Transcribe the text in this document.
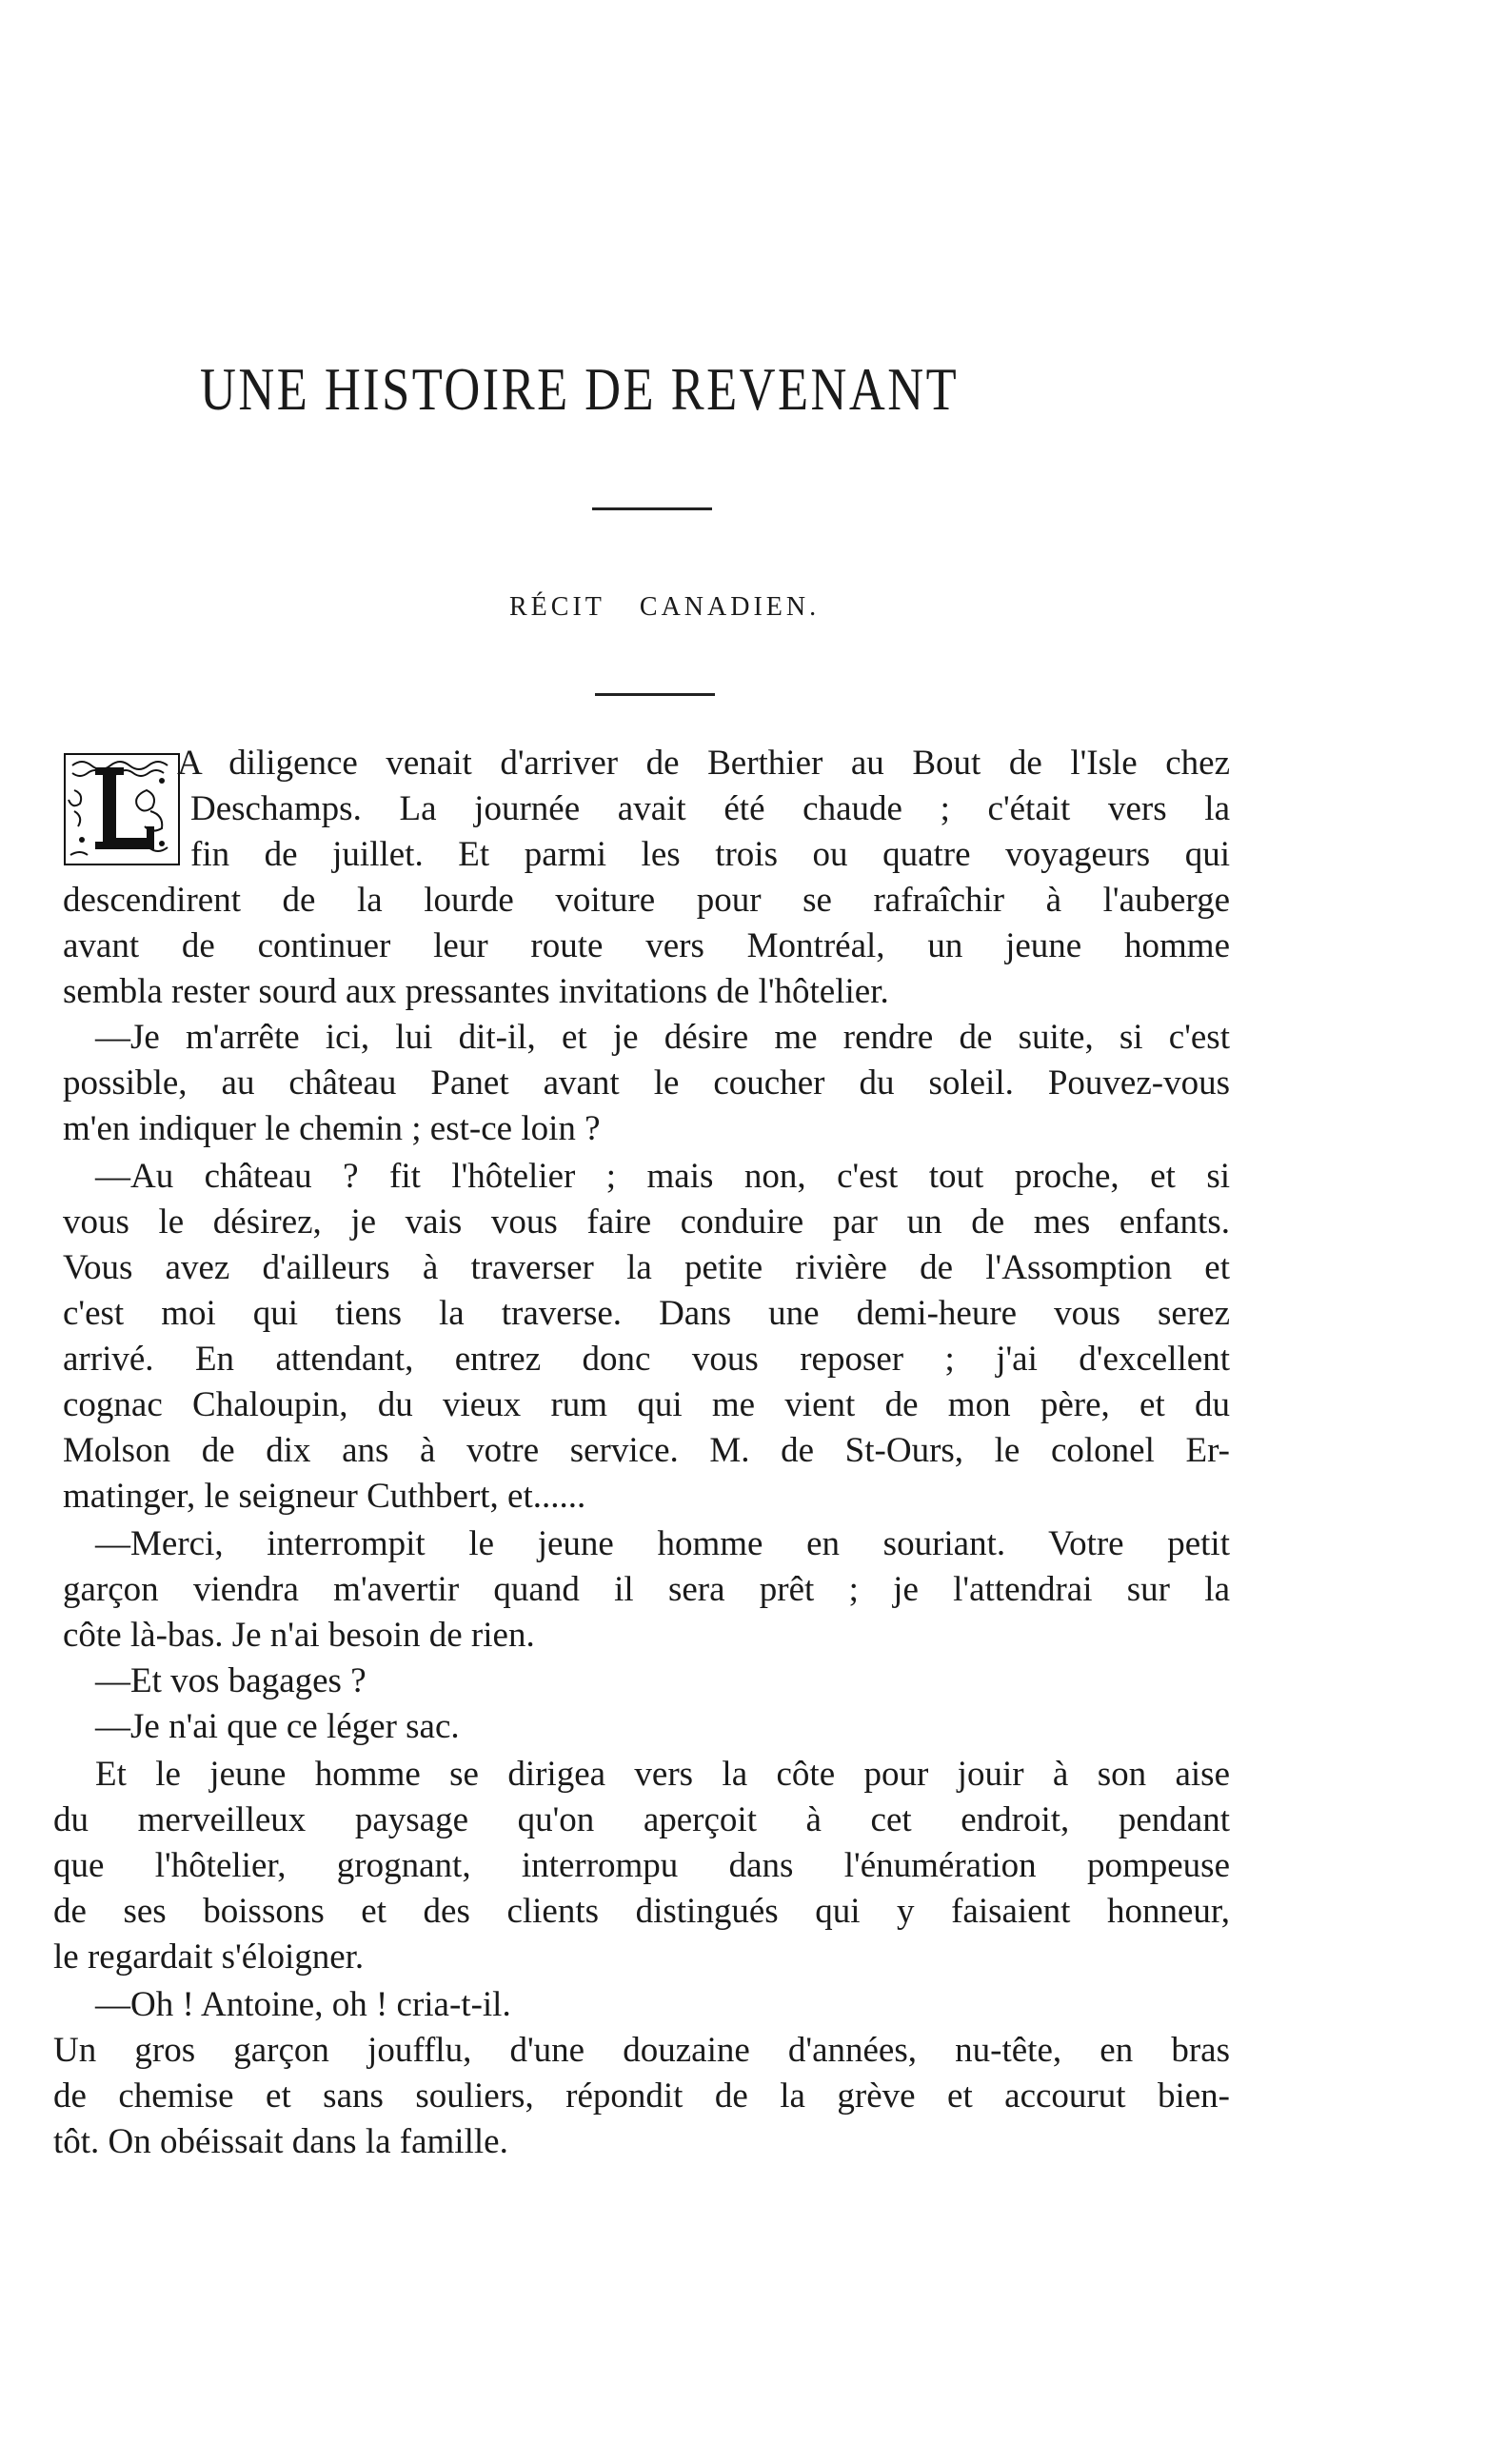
UNE HISTOIRE DE REVENANT
RÉCIT CANADIEN.
A diligence venait d'arriver de Berthier au Bout de l'Isle chez
Deschamps. La journée avait été chaude ; c'était vers la
fin de juillet. Et parmi les trois ou quatre voyageurs qui
descendirent de la lourde voiture pour se rafraîchir à l'auberge
avant de continuer leur route vers Montréal, un jeune homme
sembla rester sourd aux pressantes invitations de l'hôtelier.
—Je m'arrête ici, lui dit-il, et je désire me rendre de suite, si c'est
possible, au château Panet avant le coucher du soleil. Pouvez-vous
m'en indiquer le chemin ; est-ce loin ?
—Au château ? fit l'hôtelier ; mais non, c'est tout proche, et si
vous le désirez, je vais vous faire conduire par un de mes enfants.
Vous avez d'ailleurs à traverser la petite rivière de l'Assomption et
c'est moi qui tiens la traverse. Dans une demi-heure vous serez
arrivé. En attendant, entrez donc vous reposer ; j'ai d'excellent
cognac Chaloupin, du vieux rum qui me vient de mon père, et du
Molson de dix ans à votre service. M. de St-Ours, le colonel Er-
matinger, le seigneur Cuthbert, et......
—Merci, interrompit le jeune homme en souriant. Votre petit
garçon viendra m'avertir quand il sera prêt ; je l'attendrai sur la
côte là-bas. Je n'ai besoin de rien.
—Et vos bagages ?
—Je n'ai que ce léger sac.
Et le jeune homme se dirigea vers la côte pour jouir à son aise
du merveilleux paysage qu'on aperçoit à cet endroit, pendant
que l'hôtelier, grognant, interrompu dans l'énumération pompeuse
de ses boissons et des clients distingués qui y faisaient honneur,
le regardait s'éloigner.
—Oh ! Antoine, oh ! cria-t-il.
Un gros garçon joufflu, d'une douzaine d'années, nu-tête, en bras
de chemise et sans souliers, répondit de la grève et accourut bien-
tôt. On obéissait dans la famille.
